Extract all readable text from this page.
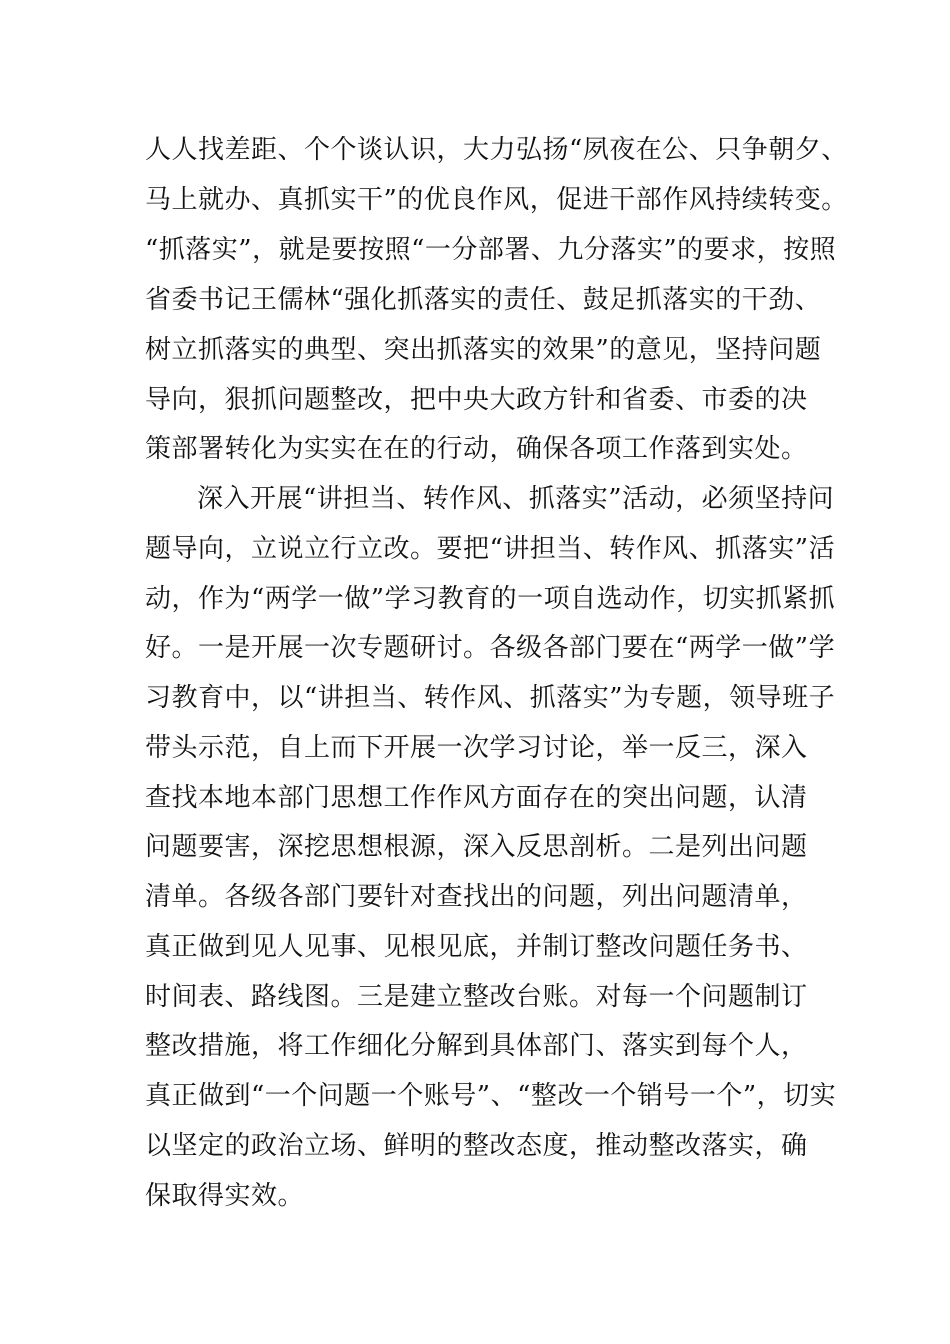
人人找差距、个个谈认识，大力弘扬“夙夜在公、只争朝夕、
马上就办、真抓实干”的优良作风，促进干部作风持续转变。
“抓落实”，就是要按照“一分部署、九分落实”的要求，按照
省委书记王儒林“强化抓落实的责任、鼓足抓落实的干劲、
树立抓落实的典型、突出抓落实的效果”的意见，坚持问题
导向，狠抓问题整改，把中央大政方针和省委、市委的决
策部署转化为实实在在的行动，确保各项工作落到实处。
深入开展“讲担当、转作风、抓落实”活动，必须坚持问
题导向，立说立行立改。要把“讲担当、转作风、抓落实”活
动，作为“两学一做”学习教育的一项自选动作，切实抓紧抓
好。一是开展一次专题研讨。各级各部门要在“两学一做”学
习教育中，以“讲担当、转作风、抓落实”为专题，领导班子
带头示范，自上而下开展一次学习讨论，举一反三，深入
查找本地本部门思想工作作风方面存在的突出问题，认清
问题要害，深挖思想根源，深入反思剖析。二是列出问题
清单。各级各部门要针对查找出的问题，列出问题清单，
真正做到见人见事、见根见底，并制订整改问题任务书、
时间表、路线图。三是建立整改台账。对每一个问题制订
整改措施，将工作细化分解到具体部门、落实到每个人，
真正做到“一个问题一个账号”、“整改一个销号一个”，切实
以坚定的政治立场、鲜明的整改态度，推动整改落实，确
保取得实效。
